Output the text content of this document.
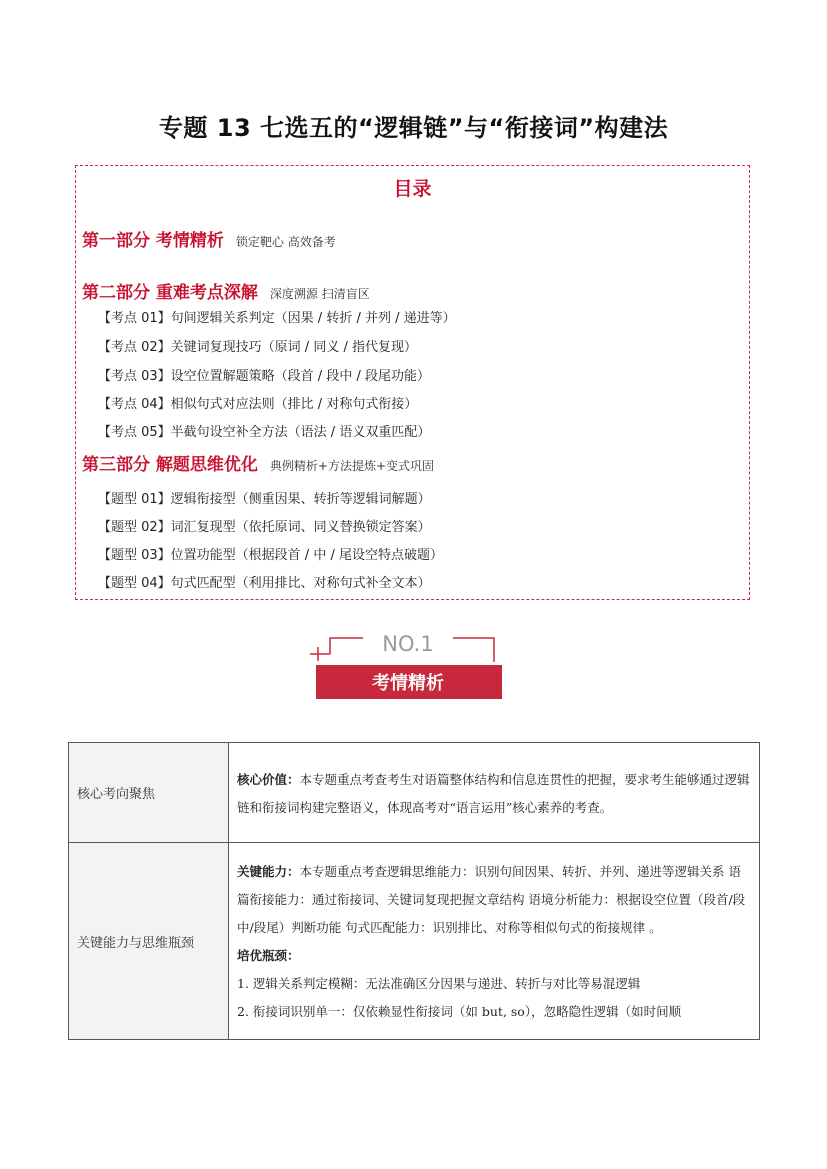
专题 13 七选五的“逻辑链”与“衔接词”构建法
目录
第一部分 考情精析 锁定靶心 高效备考
第二部分 重难考点深解 深度溯源 扫清盲区
【考点 01】句间逻辑关系判定（因果 / 转折 / 并列 / 递进等）
【考点 02】关键词复现技巧（原词 / 同义 / 指代复现）
【考点 03】设空位置解题策略（段首 / 段中 / 段尾功能）
【考点 04】相似句式对应法则（排比 / 对称句式衔接）
【考点 05】半截句设空补全方法（语法 / 语义双重匹配）
第三部分 解题思维优化 典例精析+方法提炼+变式巩固
【题型 01】逻辑衔接型（侧重因果、转折等逻辑词解题）
【题型 02】词汇复现型（依托原词、同义替换锁定答案）
【题型 03】位置功能型（根据段首 / 中 / 尾设空特点破题）
【题型 04】句式匹配型（利用排比、对称句式补全文本）
NO.1
考情精析
核心考向聚焦	核心价值：本专题重点考查考生对语篇整体结构和信息连贯性的把握，要求考生能够通过逻辑链和衔接词构建完整语义，体现高考对“语言运用”核心素养的考查。
关键能力与思维瓶颈	关键能力：本专题重点考查逻辑思维能力：识别句间因果、转折、并列、递进等逻辑关系 语篇衔接能力：通过衔接词、关键词复现把握文章结构 语境分析能力：根据设空位置（段首/段中/段尾）判断功能 句式匹配能力：识别排比、对称等相似句式的衔接规律 。
培优瓶颈：
1. 逻辑关系判定模糊：无法准确区分因果与递进、转折与对比等易混逻辑
2. 衔接词识别单一：仅依赖显性衔接词（如 but, so），忽略隐性逻辑（如时间顺
